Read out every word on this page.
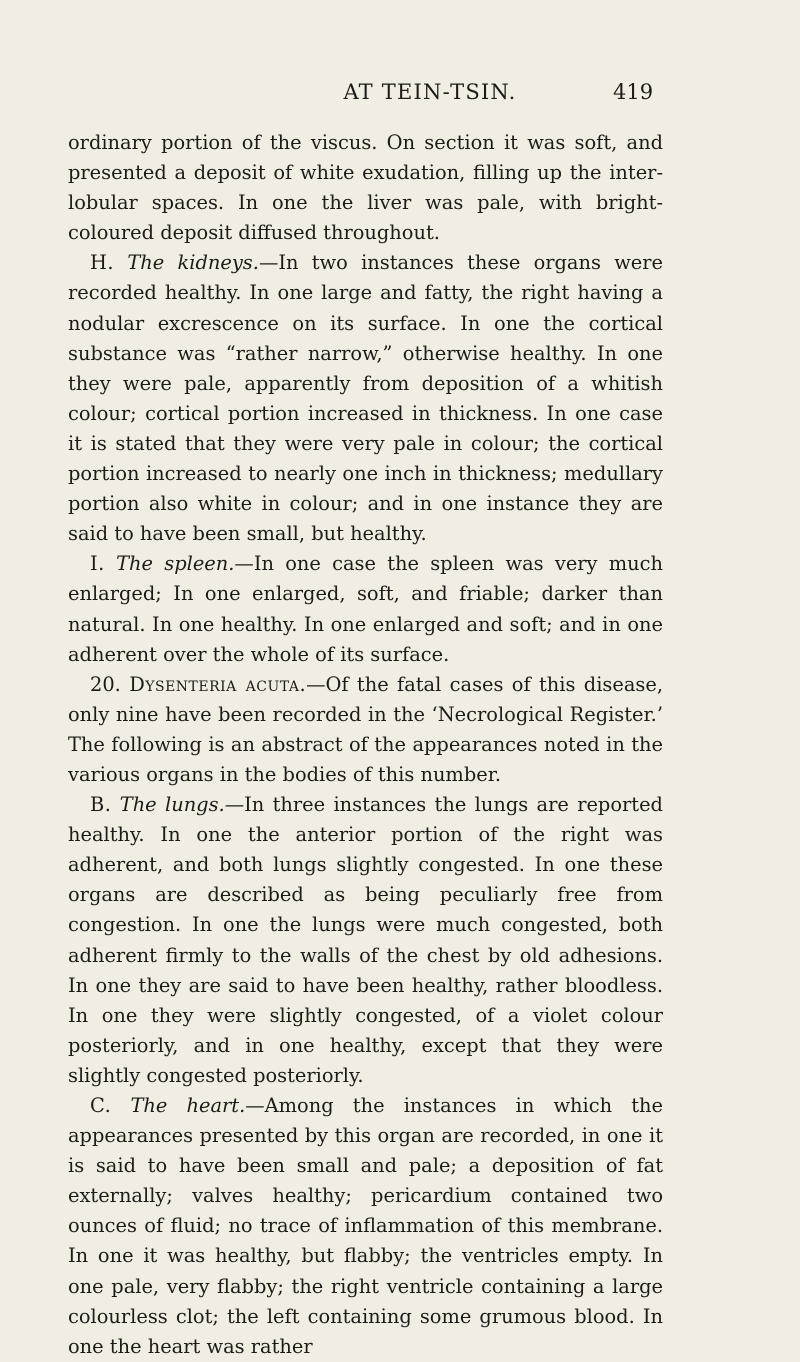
AT TEIN-TSIN.	419

ordinary portion of the viscus. On section it was soft, and presented a deposit of white exudation, filling up the inter-lobular spaces. In one the liver was pale, with bright-coloured deposit diffused throughout.

H. The kidneys.—In two instances these organs were recorded healthy. In one large and fatty, the right having a nodular excrescence on its surface. In one the cortical substance was “rather narrow,” otherwise healthy. In one they were pale, apparently from deposition of a whitish colour; cortical portion increased in thickness. In one case it is stated that they were very pale in colour; the cortical portion increased to nearly one inch in thickness; medullary portion also white in colour; and in one instance they are said to have been small, but healthy.

I. The spleen.—In one case the spleen was very much enlarged; In one enlarged, soft, and friable; darker than natural. In one healthy. In one enlarged and soft; and in one adherent over the whole of its surface.

20. Dysenteria acuta.—Of the fatal cases of this disease, only nine have been recorded in the ‘Necrological Register.’ The following is an abstract of the appearances noted in the various organs in the bodies of this number.

B. The lungs.—In three instances the lungs are reported healthy. In one the anterior portion of the right was adherent, and both lungs slightly congested. In one these organs are described as being peculiarly free from congestion. In one the lungs were much congested, both adherent firmly to the walls of the chest by old adhesions. In one they are said to have been healthy, rather bloodless. In one they were slightly congested, of a violet colour posteriorly, and in one healthy, except that they were slightly congested posteriorly.

C. The heart.—Among the instances in which the appearances presented by this organ are recorded, in one it is said to have been small and pale; a deposition of fat externally; valves healthy; pericardium contained two ounces of fluid; no trace of inflammation of this membrane. In one it was healthy, but flabby; the ventricles empty. In one pale, very flabby; the right ventricle containing a large colourless clot; the left containing some grumous blood. In one the heart was rather
